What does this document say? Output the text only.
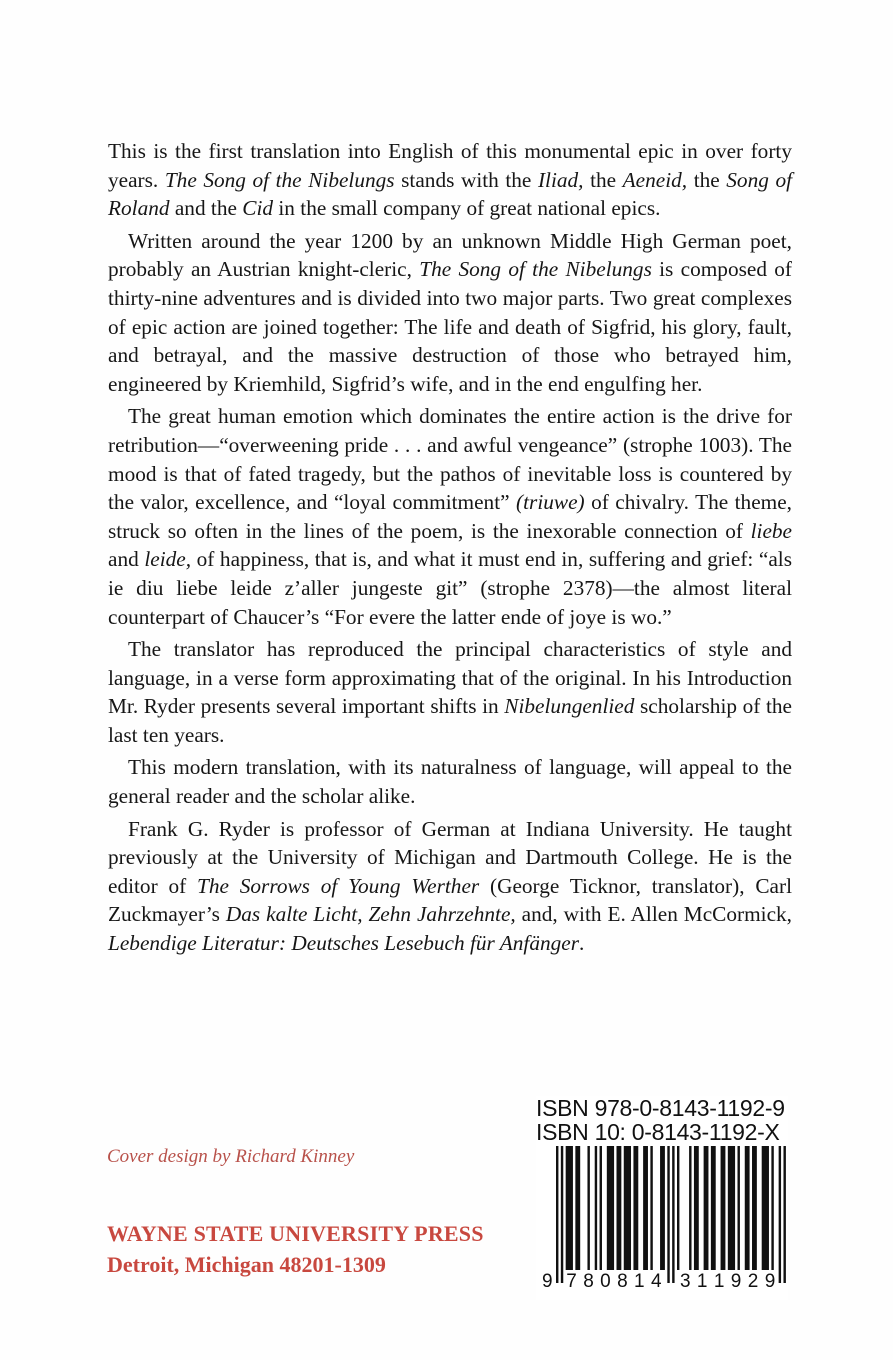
This is the first translation into English of this monumental epic in over forty years. The Song of the Nibelungs stands with the Iliad, the Aeneid, the Song of Roland and the Cid in the small company of great national epics.

Written around the year 1200 by an unknown Middle High German poet, probably an Austrian knight-cleric, The Song of the Nibelungs is composed of thirty-nine adventures and is divided into two major parts. Two great complexes of epic action are joined together: The life and death of Sigfrid, his glory, fault, and betrayal, and the massive destruction of those who betrayed him, engineered by Kriemhild, Sigfrid’s wife, and in the end engulfing her.

The great human emotion which dominates the entire action is the drive for retribution—“overweening pride . . . and awful vengeance” (strophe 1003). The mood is that of fated tragedy, but the pathos of inevitable loss is countered by the valor, excellence, and “loyal commitment” (triuwe) of chivalry. The theme, struck so often in the lines of the poem, is the inexorable connection of liebe and leide, of happiness, that is, and what it must end in, suffering and grief: “als ie diu liebe leide z’aller jungeste git” (strophe 2378)—the almost literal counterpart of Chaucer’s “For evere the latter ende of joye is wo.”

The translator has reproduced the principal characteristics of style and language, in a verse form approximating that of the original. In his Introduction Mr. Ryder presents several important shifts in Nibelungenlied scholarship of the last ten years.

This modern translation, with its naturalness of language, will appeal to the general reader and the scholar alike.

Frank G. Ryder is professor of German at Indiana University. He taught previously at the University of Michigan and Dartmouth College. He is the editor of The Sorrows of Young Werther (George Ticknor, translator), Carl Zuckmayer’s Das kalte Licht, Zehn Jahrzehnte, and, with E. Allen McCormick, Lebendige Literatur: Deutsches Lesebuch für Anfänger.

Cover design by Richard Kinney
WAYNE STATE UNIVERSITY PRESS
Detroit, Michigan 48201-1309
ISBN 978-0-8143-1192-9
ISBN 10: 0-8143-1192-X
9 7 8 0 8 1 4 3 1 1 9 2 9
